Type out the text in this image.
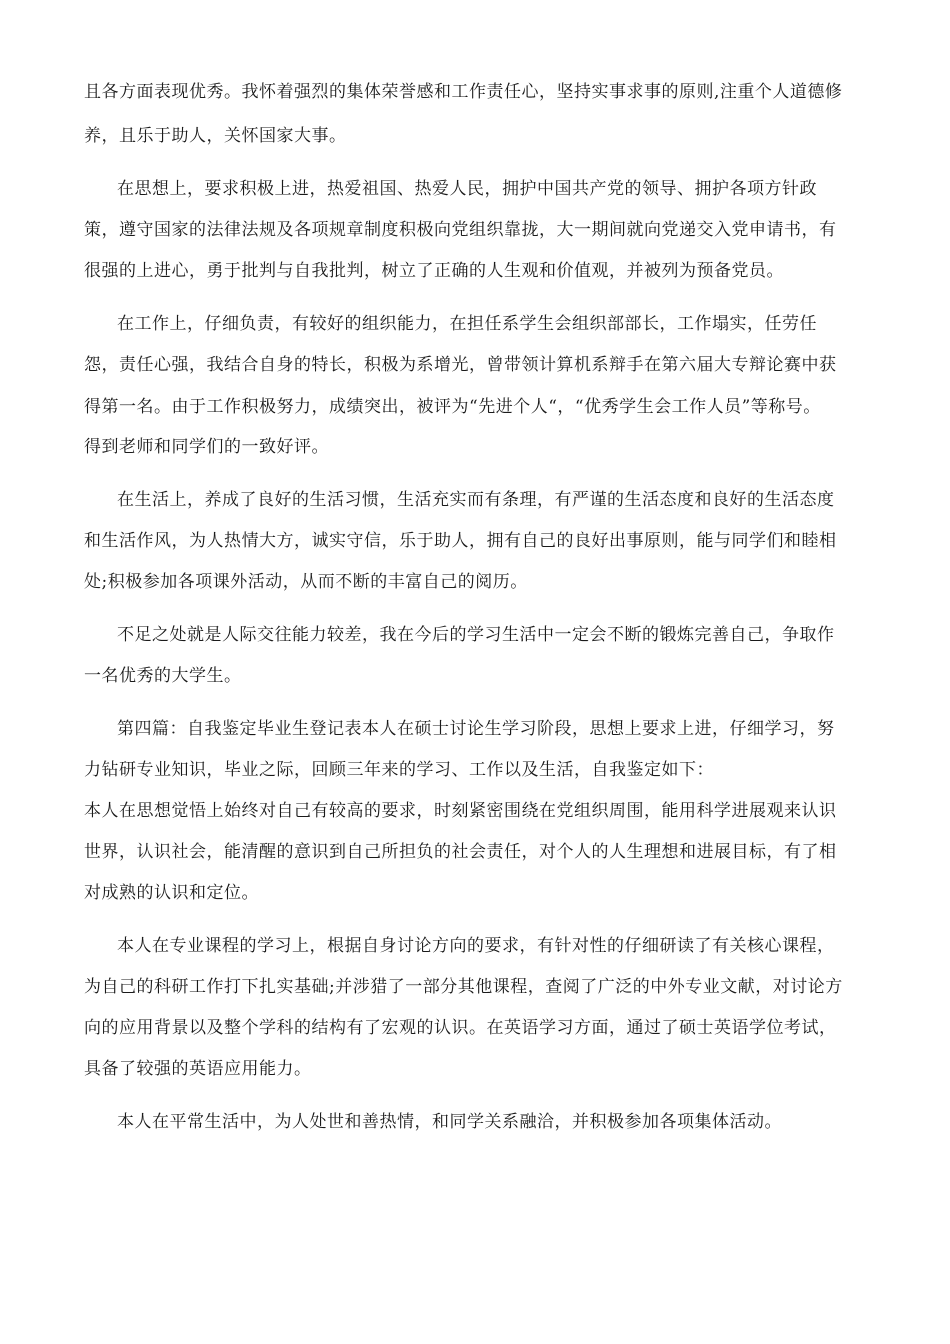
且各方面表现优秀。我怀着强烈的集体荣誉感和工作责任心，坚持实事求事的原则,注重个人道德修
养，且乐于助人，关怀国家大事。
在思想上，要求积极上进，热爱祖国、热爱人民，拥护中国共产党的领导、拥护各项方针政
策，遵守国家的法律法规及各项规章制度积极向党组织靠拢，大一期间就向党递交入党申请书，有
很强的上进心，勇于批判与自我批判，树立了正确的人生观和价值观，并被列为预备党员。
在工作上，仔细负责，有较好的组织能力，在担任系学生会组织部部长，工作塌实，任劳任
怨，责任心强，我结合自身的特长，积极为系增光，曾带领计算机系辩手在第六届大专辩论赛中获
得第一名。由于工作积极努力，成绩突出，被评为“先进个人“，“优秀学生会工作人员”等称号。
得到老师和同学们的一致好评。
在生活上，养成了良好的生活习惯，生活充实而有条理，有严谨的生活态度和良好的生活态度
和生活作风，为人热情大方，诚实守信，乐于助人，拥有自己的良好出事原则，能与同学们和睦相
处;积极参加各项课外活动，从而不断的丰富自己的阅历。
不足之处就是人际交往能力较差，我在今后的学习生活中一定会不断的锻炼完善自己，争取作
一名优秀的大学生。
第四篇：自我鉴定毕业生登记表本人在硕士讨论生学习阶段，思想上要求上进，仔细学习，努
力钻研专业知识，毕业之际，回顾三年来的学习、工作以及生活，自我鉴定如下：
本人在思想觉悟上始终对自己有较高的要求，时刻紧密围绕在党组织周围，能用科学进展观来认识
世界，认识社会，能清醒的意识到自己所担负的社会责任，对个人的人生理想和进展目标，有了相
对成熟的认识和定位。
本人在专业课程的学习上，根据自身讨论方向的要求，有针对性的仔细研读了有关核心课程，
为自己的科研工作打下扎实基础;并涉猎了一部分其他课程，查阅了广泛的中外专业文献，对讨论方
向的应用背景以及整个学科的结构有了宏观的认识。在英语学习方面，通过了硕士英语学位考试，
具备了较强的英语应用能力。
本人在平常生活中，为人处世和善热情，和同学关系融洽，并积极参加各项集体活动。
